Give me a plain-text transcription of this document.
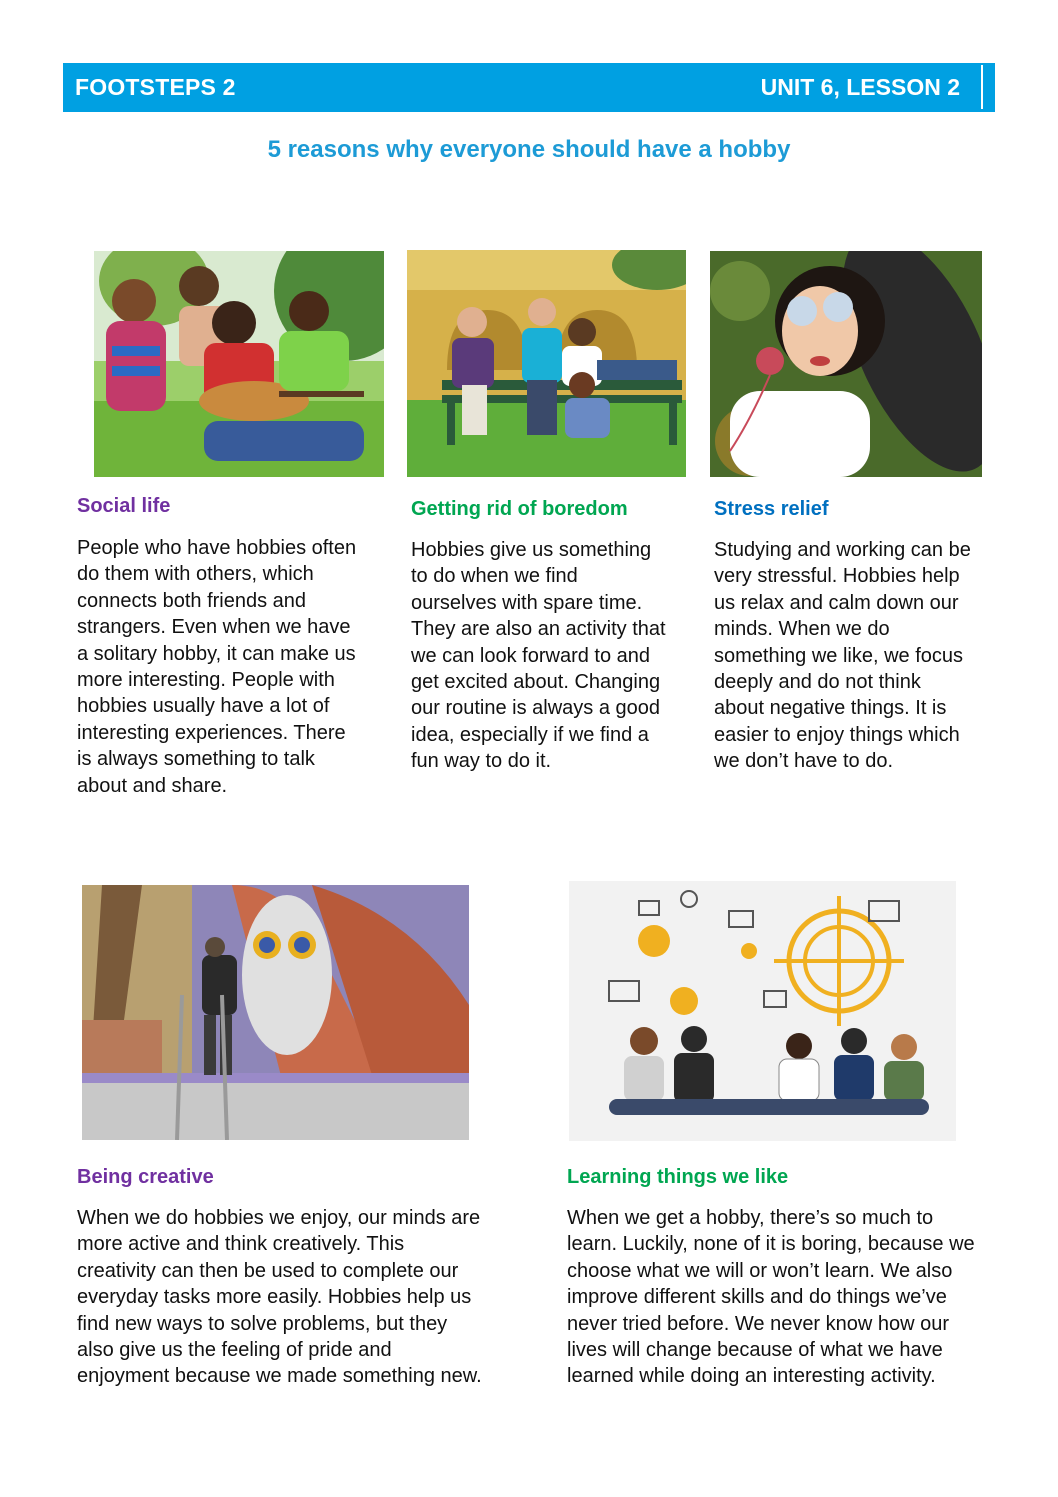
FOOTSTEPS 2	UNIT 6, LESSON 2
5 reasons why everyone should have a hobby
Social life
People who have hobbies often
do them with others, which
connects both friends and
strangers. Even when we have
a solitary hobby, it can make us
more interesting. People with
hobbies usually have a lot of
interesting experiences. There
is always something to talk
about and share.
Getting rid of boredom
Hobbies give us something
to do when we find
ourselves with spare time.
They are also an activity that
we can look forward to and
get excited about. Changing
our routine is always a good
idea, especially if we find a
fun way to do it.
Stress relief
Studying and working can be
very stressful. Hobbies help
us relax and calm down our
minds. When we do
something we like, we focus
deeply and do not think
about negative things. It is
easier to enjoy things which
we don’t have to do.
Being creative
When we do hobbies we enjoy, our minds are
more active and think creatively. This
creativity can then be used to complete our
everyday tasks more easily. Hobbies help us
find new ways to solve problems, but they
also give us the feeling of pride and
enjoyment because we made something new.
Learning things we like
When we get a hobby, there’s so much to
learn. Luckily, none of it is boring, because we
choose what we will or won’t learn. We also
improve different skills and do things we’ve
never tried before. We never know how our
lives will change because of what we have
learned while doing an interesting activity.
